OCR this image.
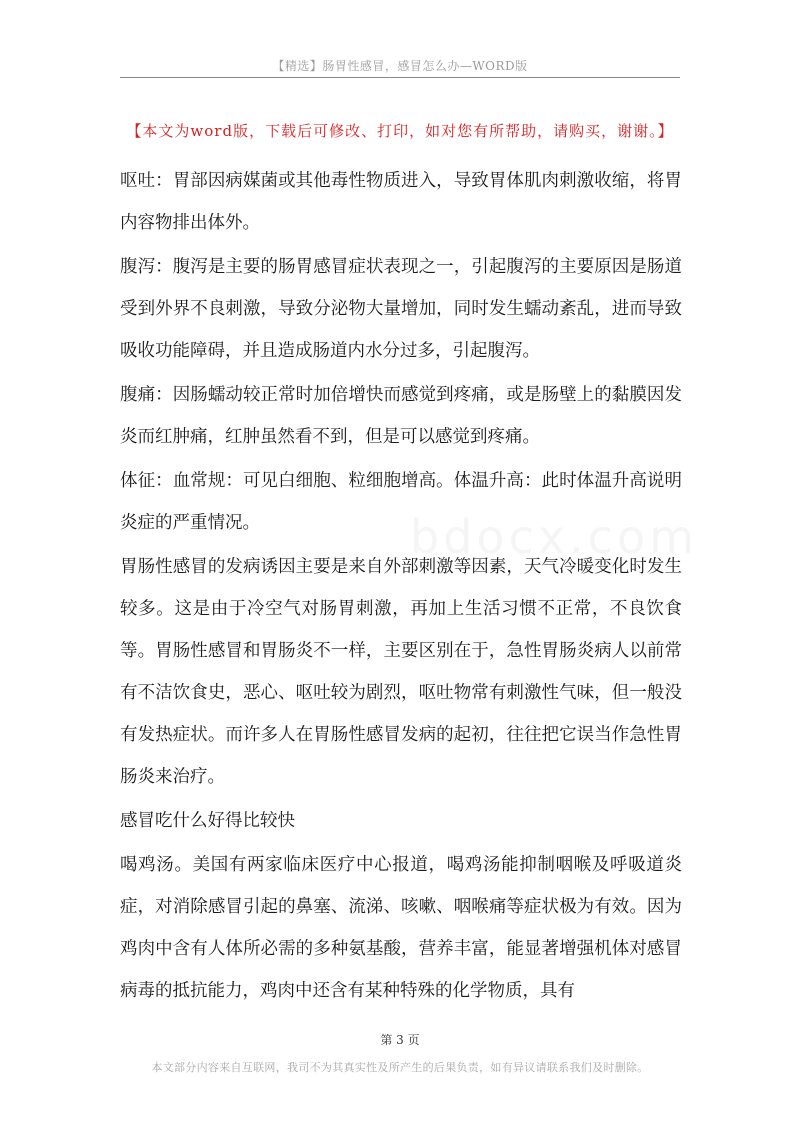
【精选】肠胃性感冒，感冒怎么办—WORD版
【本文为word版，下载后可修改、打印，如对您有所帮助，请购买，谢谢。】
bdocx.com

呕吐：胃部因病媒菌或其他毒性物质进入，导致胃体肌肉刺激收缩，将胃内容物排出体外。

腹泻：腹泻是主要的肠胃感冒症状表现之一，引起腹泻的主要原因是肠道受到外界不良刺激，导致分泌物大量增加，同时发生蠕动紊乱，进而导致吸收功能障碍，并且造成肠道内水分过多，引起腹泻。

腹痛：因肠蠕动较正常时加倍增快而感觉到疼痛，或是肠壁上的黏膜因发炎而红肿痛，红肿虽然看不到，但是可以感觉到疼痛。

体征：血常规：可见白细胞、粒细胞增高。体温升高：此时体温升高说明炎症的严重情况。

胃肠性感冒的发病诱因主要是来自外部刺激等因素，天气冷暖变化时发生较多。这是由于冷空气对肠胃刺激，再加上生活习惯不正常，不良饮食等。胃肠性感冒和胃肠炎不一样，主要区别在于，急性胃肠炎病人以前常有不洁饮食史，恶心、呕吐较为剧烈，呕吐物常有刺激性气味，但一般没有发热症状。而许多人在胃肠性感冒发病的起初，往往把它误当作急性胃肠炎来治疗。

感冒吃什么好得比较快

喝鸡汤。美国有两家临床医疗中心报道，喝鸡汤能抑制咽喉及呼吸道炎症，对消除感冒引起的鼻塞、流涕、咳嗽、咽喉痛等症状极为有效。因为鸡肉中含有人体所必需的多种氨基酸，营养丰富，能显著增强机体对感冒病毒的抵抗能力，鸡肉中还含有某种特殊的化学物质，具有

第 3 页
本文部分内容来自互联网，我司不为其真实性及所产生的后果负责，如有异议请联系我们及时删除。
